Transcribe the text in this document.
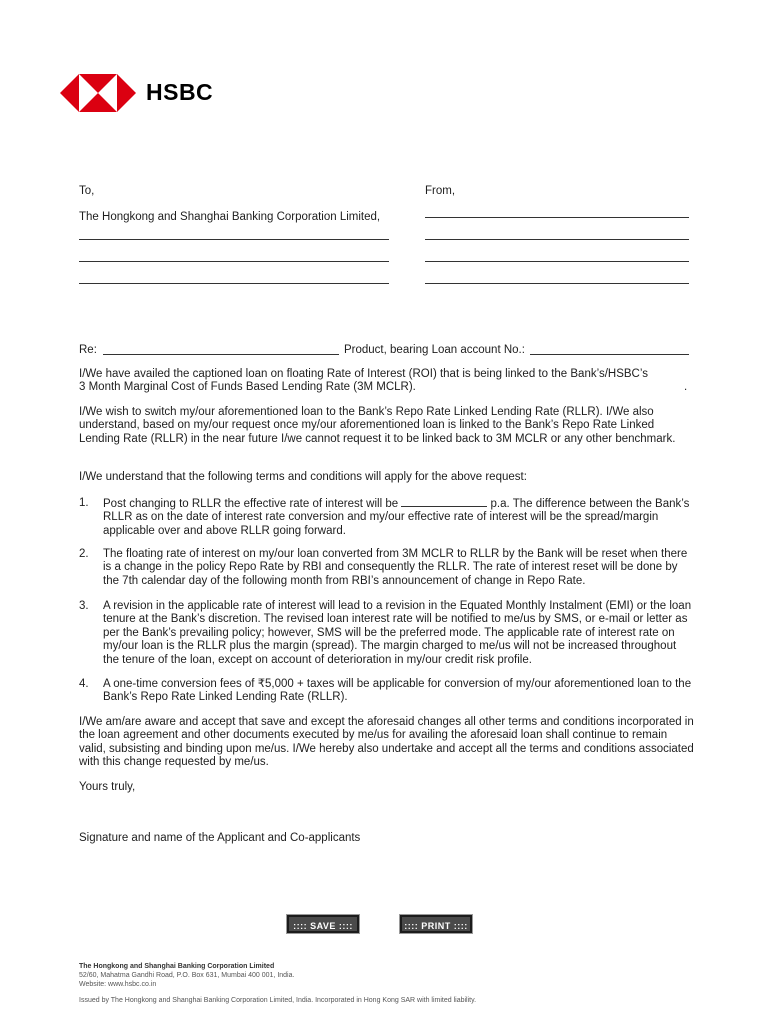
HSBC
To,	From,
The Hongkong and Shanghai Banking Corporation Limited,
Re:	Product, bearing Loan account No.:
I/We have availed the captioned loan on floating Rate of Interest (ROI) that is being linked to the Bank’s/HSBC’s
3 Month Marginal Cost of Funds Based Lending Rate (3M MCLR).	.
I/We wish to switch my/our aforementioned loan to the Bank’s Repo Rate Linked Lending Rate (RLLR). I/We also understand, based on my/our request once my/our aforementioned loan is linked to the Bank’s Repo Rate Linked Lending Rate (RLLR) in the near future I/we cannot request it to be linked back to 3M MCLR or any other benchmark.
I/We understand that the following terms and conditions will apply for the above request:
1. Post changing to RLLR the effective rate of interest will be	p.a. The difference between the Bank’s RLLR as on the date of interest rate conversion and my/our effective rate of interest will be the spread/margin applicable over and above RLLR going forward.
2. The floating rate of interest on my/our loan converted from 3M MCLR to RLLR by the Bank will be reset when there is a change in the policy Repo Rate by RBI and consequently the RLLR. The rate of interest reset will be done by the 7th calendar day of the following month from RBI’s announcement of change in Repo Rate.
3. A revision in the applicable rate of interest will lead to a revision in the Equated Monthly Instalment (EMI) or the loan tenure at the Bank’s discretion. The revised loan interest rate will be notified to me/us by SMS, or e-mail or letter as per the Bank’s prevailing policy; however, SMS will be the preferred mode. The applicable rate of interest rate on my/our loan is the RLLR plus the margin (spread). The margin charged to me/us will not be increased throughout the tenure of the loan, except on account of deterioration in my/our credit risk profile.
4. A one-time conversion fees of ₹5,000 + taxes will be applicable for conversion of my/our aforementioned loan to the Bank’s Repo Rate Linked Lending Rate (RLLR).
I/We am/are aware and accept that save and except the aforesaid changes all other terms and conditions incorporated in the loan agreement and other documents executed by me/us for availing the aforesaid loan shall continue to remain valid, subsisting and binding upon me/us. I/We hereby also undertake and accept all the terms and conditions associated with this change requested by me/us.
Yours truly,
Signature and name of the Applicant and Co-applicants
:::: SAVE ::::	:::: PRINT ::::
The Hongkong and Shanghai Banking Corporation Limited
52/60, Mahatma Gandhi Road, P.O. Box 631, Mumbai 400 001, India.
Website: www.hsbc.co.in
Issued by The Hongkong and Shanghai Banking Corporation Limited, India. Incorporated in Hong Kong SAR with limited liability.
